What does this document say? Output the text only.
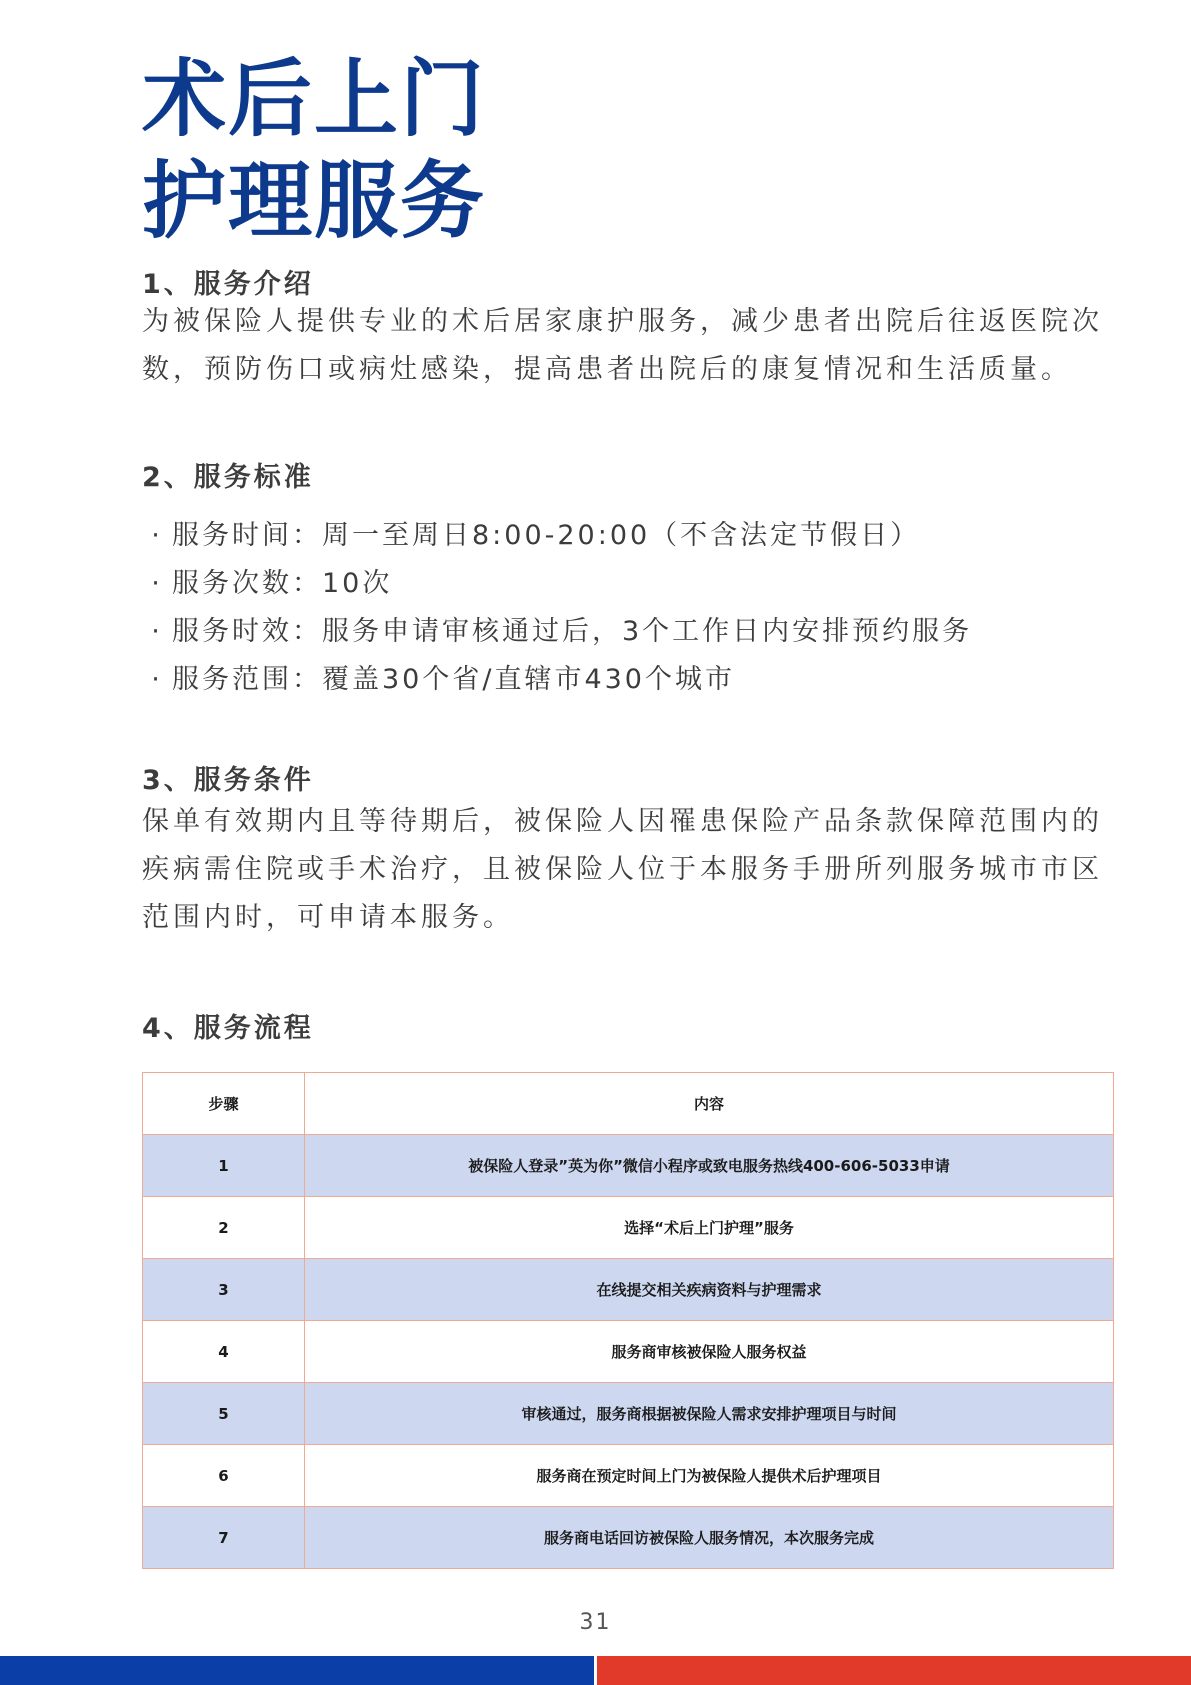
术后上门
护理服务
1、服务介绍

为被保险人提供专业的术后居家康护服务，减少患者出院后往返医院次数，预防伤口或病灶感染，提高患者出院后的康复情况和生活质量。

2、服务标准
· 服务时间：周一至周日8:00-20:00（不含法定节假日）
· 服务次数：10次
· 服务时效：服务申请审核通过后，3个工作日内安排预约服务
· 服务范围：覆盖30个省/直辖市430个城市
3、服务条件

保单有效期内且等待期后，被保险人因罹患保险产品条款保障范围内的疾病需住院或手术治疗，且被保险人位于本服务手册所列服务城市市区范围内时，可申请本服务。

4、服务流程
步骤	内容
1	被保险人登录”英为你”微信小程序或致电服务热线400-606-5033申请
2	选择“术后上门护理”服务
3	在线提交相关疾病资料与护理需求
4	服务商审核被保险人服务权益
5	审核通过，服务商根据被保险人需求安排护理项目与时间
6	服务商在预定时间上门为被保险人提供术后护理项目
7	服务商电话回访被保险人服务情况，本次服务完成
31
